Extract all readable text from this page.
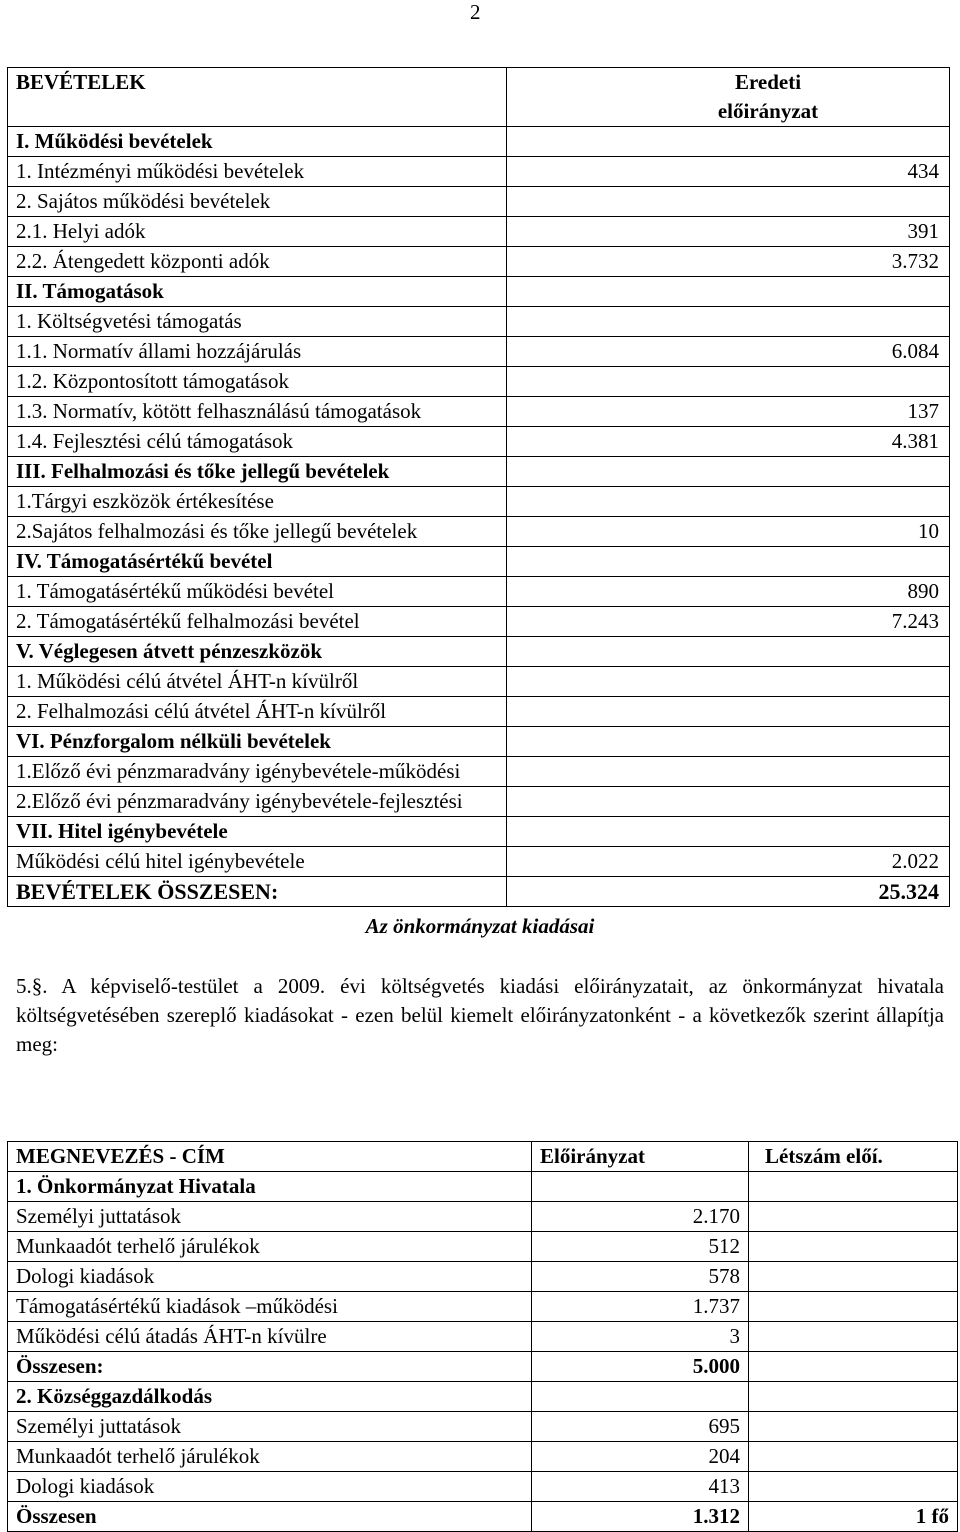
2
BEVÉTELEK	Eredeti
előirányzat
I. Működési bevételek	
1. Intézményi működési bevételek	434
2. Sajátos működési bevételek	
2.1. Helyi adók	391
2.2. Átengedett központi adók	3.732
II. Támogatások	
1. Költségvetési támogatás	
1.1. Normatív állami hozzájárulás	6.084
1.2. Központosított támogatások	
1.3. Normatív, kötött felhasználású támogatások	137
1.4. Fejlesztési célú támogatások	4.381
III. Felhalmozási és tőke jellegű bevételek	
1.Tárgyi eszközök értékesítése	
2.Sajátos felhalmozási és tőke jellegű bevételek	10
IV. Támogatásértékű bevétel	
1. Támogatásértékű működési bevétel	890
2. Támogatásértékű felhalmozási bevétel	7.243
V. Véglegesen átvett pénzeszközök	
1. Működési célú átvétel ÁHT-n kívülről	
2. Felhalmozási célú átvétel ÁHT-n kívülről	
VI. Pénzforgalom nélküli bevételek	
1.Előző évi pénzmaradvány igénybevétele-működési	
2.Előző évi pénzmaradvány igénybevétele-fejlesztési	
VII. Hitel igénybevétele	
Működési célú hitel igénybevétele	2.022
BEVÉTELEK ÖSSZESEN:	25.324
Az önkormányzat kiadásai
5.§. A képviselő-testület a 2009. évi költségvetés kiadási előirányzatait, az önkormányzat hivatala költségvetésében szereplő kiadásokat - ezen belül kiemelt előirányzatonként - a következők szerint állapítja meg:
MEGNEVEZÉS - CÍM	Előirányzat	Létszám előí.
1. Önkormányzat Hivatala		
Személyi juttatások	2.170	
Munkaadót terhelő járulékok	512	
Dologi kiadások	578	
Támogatásértékű kiadások –működési	1.737	
Működési célú átadás ÁHT-n kívülre	3	
Összesen:	5.000	
2. Községgazdálkodás		
Személyi juttatások	695	
Munkaadót terhelő járulékok	204	
Dologi kiadások	413	
Összesen	1.312	1 fő
